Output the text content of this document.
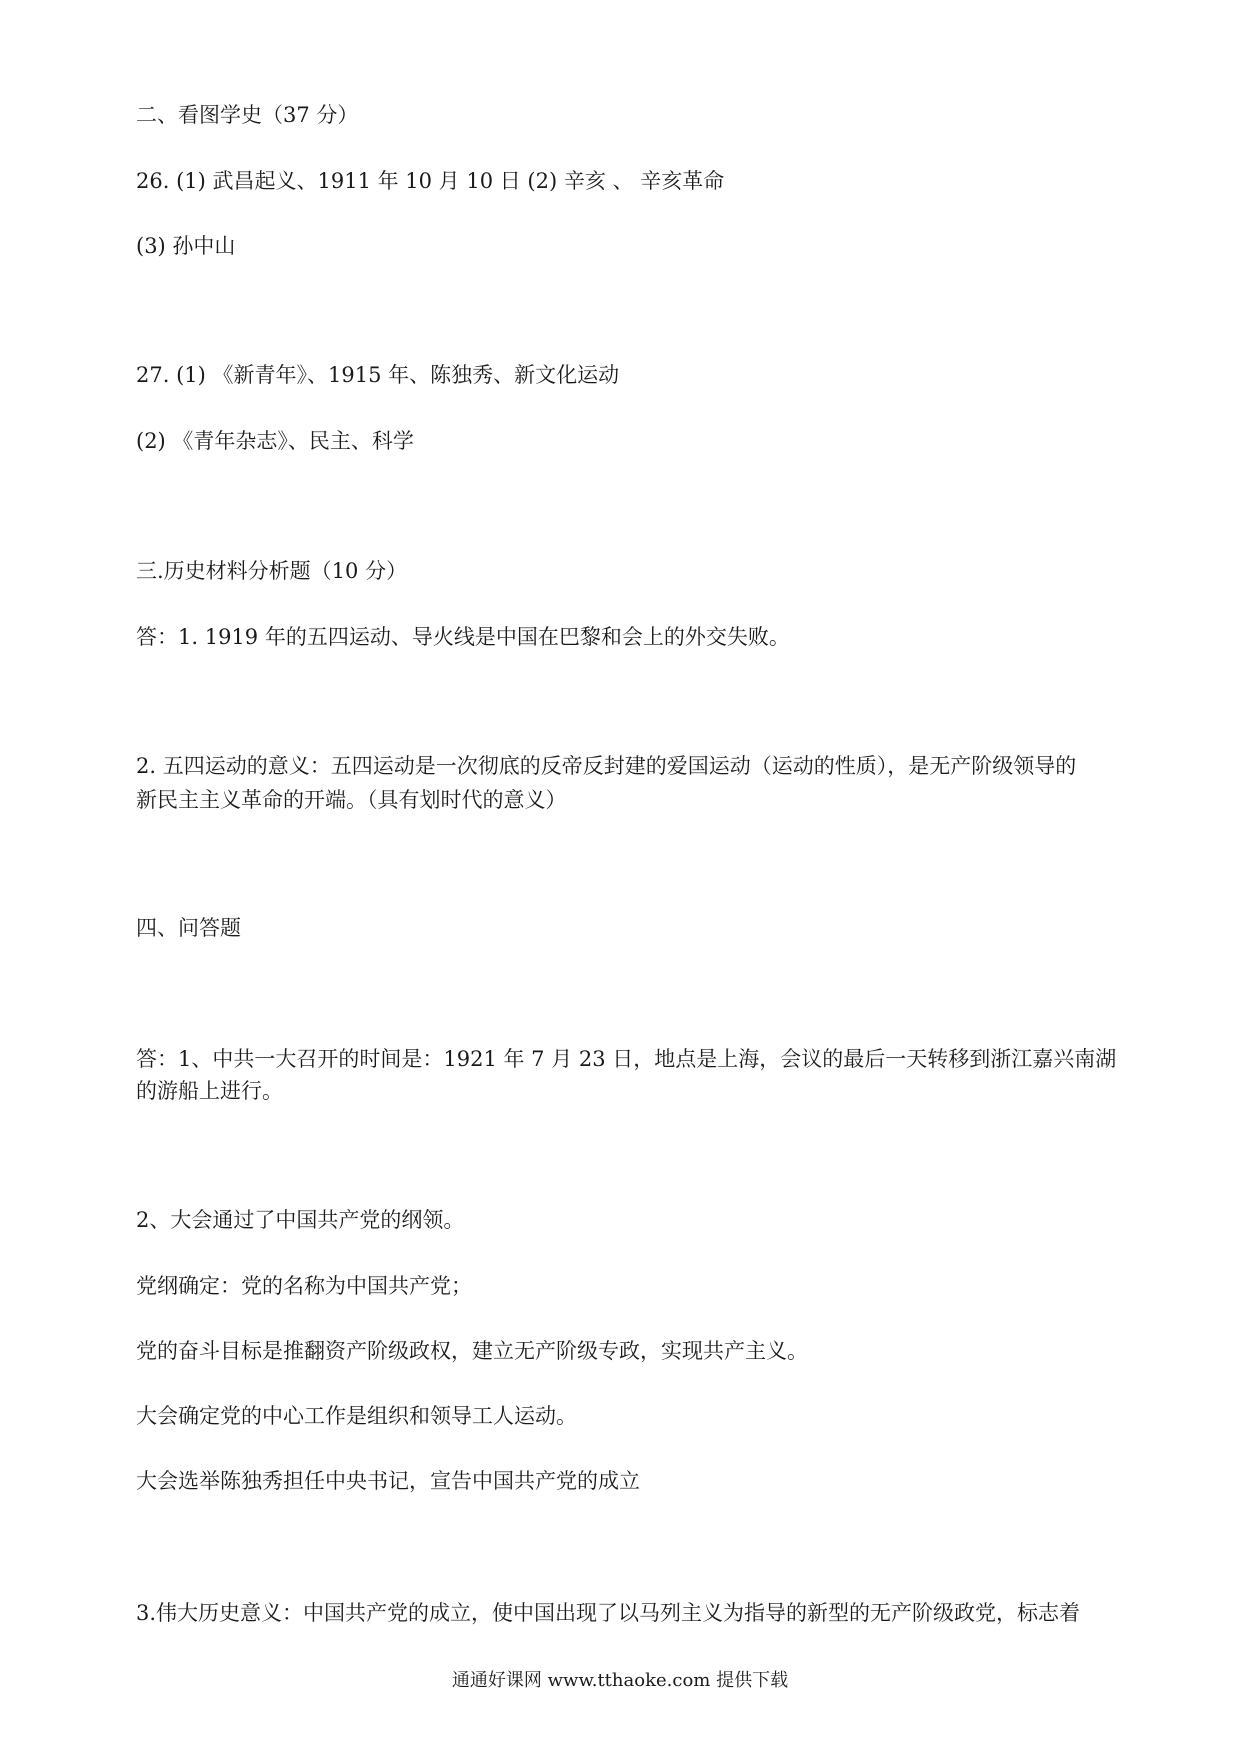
二、看图学史（37 分）
26. (1) 武昌起义、1911 年 10 月 10 日 (2) 辛亥 、 辛亥革命
(3) 孙中山
27. (1) 《新青年》、1915 年、陈独秀、新文化运动
(2) 《青年杂志》、民主、科学
三.历史材料分析题（10 分）
答：1. 1919 年的五四运动、导火线是中国在巴黎和会上的外交失败。
2. 五四运动的意义：五四运动是一次彻底的反帝反封建的爱国运动（运动的性质），是无产阶级领导的
新民主主义革命的开端。（具有划时代的意义）
四、问答题
答：1、中共一大召开的时间是：1921 年 7 月 23 日，地点是上海，会议的最后一天转移到浙江嘉兴南湖
的游船上进行。
2、大会通过了中国共产党的纲领。
党纲确定：党的名称为中国共产党；
党的奋斗目标是推翻资产阶级政权，建立无产阶级专政，实现共产主义。
大会确定党的中心工作是组织和领导工人运动。
大会选举陈独秀担任中央书记，宣告中国共产党的成立
3.伟大历史意义：中国共产党的成立，使中国出现了以马列主义为指导的新型的无产阶级政党，标志着
通通好课网 www.tthaoke.com 提供下载
